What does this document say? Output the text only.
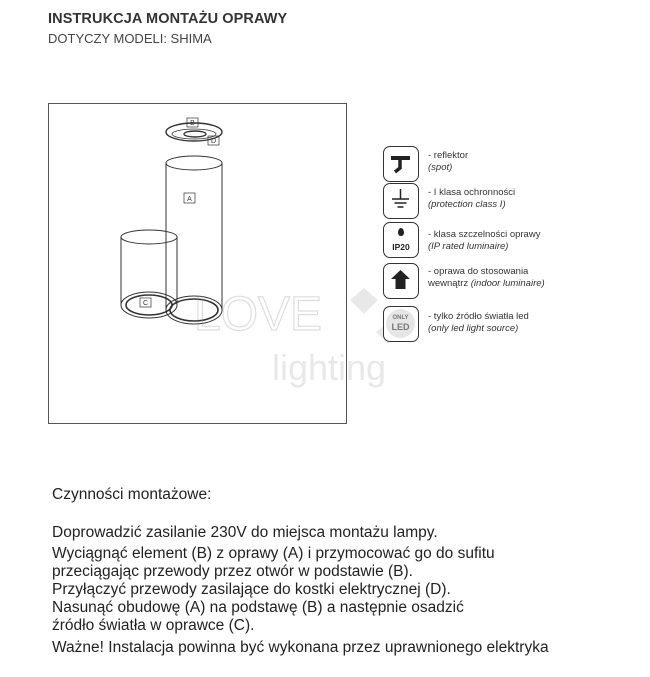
INSTRUKCJA MONTAŻU OPRAWY
DOTYCZY MODELI: SHIMA
A
B
C
D
LOVE
lighting
- reflektor
(spot)
- I klasa ochronności
(protection class I)
IP20
- klasa szczelności oprawy
(IP rated luminaire)
- oprawa do stosowania
wewnątrz (indoor luminaire)
ONLY
LED
- tylko źródło światła led
(only led light source)
Czynności montażowe:
Doprowadzić zasilanie 230V do miejsca montażu lampy.
Wyciągnąć element (B) z oprawy (A) i przymocować go do sufitu
przeciągając przewody przez otwór w podstawie (B).
Przyłączyć przewody zasilające do kostki elektrycznej (D).
Nasunąć obudowę (A) na podstawę (B) a następnie osadzić
źródło światła w oprawce (C).
Ważne! Instalacja powinna być wykonana przez uprawnionego elektryka
